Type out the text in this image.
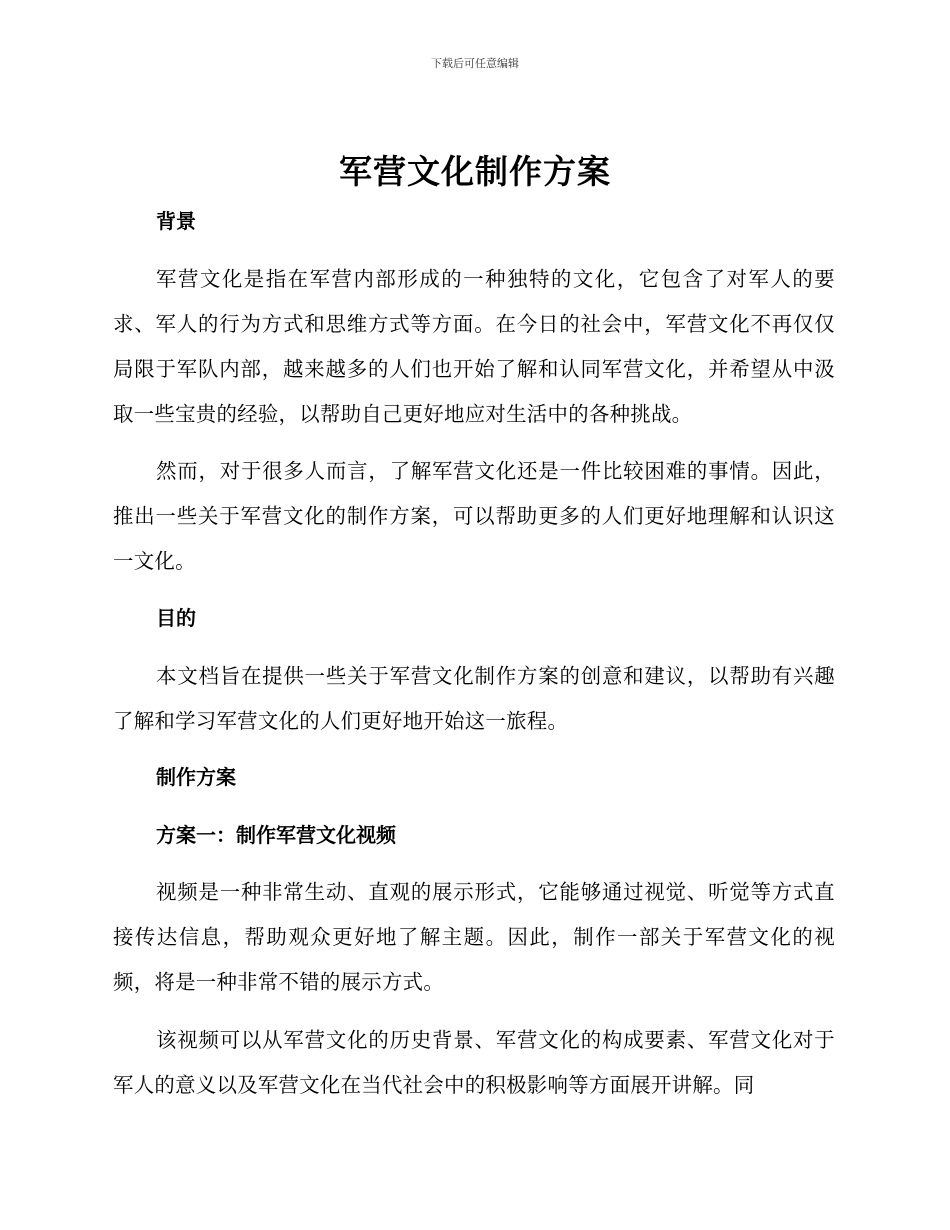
下载后可任意编辑
军营文化制作方案
背景
军营文化是指在军营内部形成的一种独特的文化，它包含了对军人的要求、军人的行为方式和思维方式等方面。在今日的社会中，军营文化不再仅仅局限于军队内部，越来越多的人们也开始了解和认同军营文化，并希望从中汲取一些宝贵的经验，以帮助自己更好地应对生活中的各种挑战。
然而，对于很多人而言，了解军营文化还是一件比较困难的事情。因此，推出一些关于军营文化的制作方案，可以帮助更多的人们更好地理解和认识这一文化。
目的
本文档旨在提供一些关于军营文化制作方案的创意和建议，以帮助有兴趣了解和学习军营文化的人们更好地开始这一旅程。
制作方案
方案一：制作军营文化视频
视频是一种非常生动、直观的展示形式，它能够通过视觉、听觉等方式直接传达信息，帮助观众更好地了解主题。因此，制作一部关于军营文化的视频，将是一种非常不错的展示方式。
该视频可以从军营文化的历史背景、军营文化的构成要素、军营文化对于军人的意义以及军营文化在当代社会中的积极影响等方面展开讲解。同
